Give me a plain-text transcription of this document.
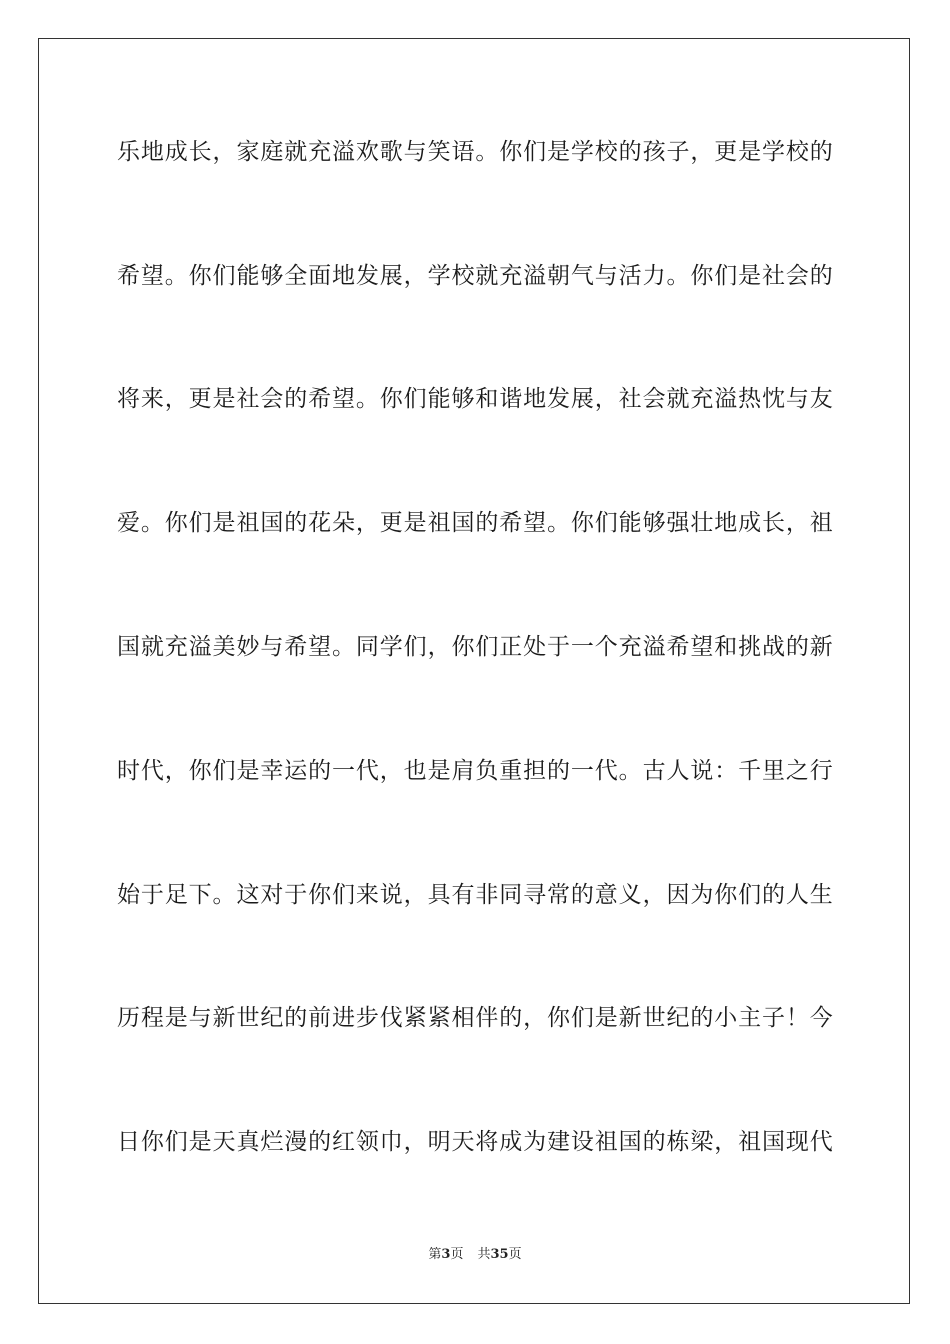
乐地成长，家庭就充溢欢歌与笑语。你们是学校的孩子，更是学校的
希望。你们能够全面地发展，学校就充溢朝气与活力。你们是社会的
将来，更是社会的希望。你们能够和谐地发展，社会就充溢热忱与友
爱。你们是祖国的花朵，更是祖国的希望。你们能够强壮地成长，祖
国就充溢美妙与希望。同学们，你们正处于一个充溢希望和挑战的新
时代，你们是幸运的一代，也是肩负重担的一代。古人说：千里之行
始于足下。这对于你们来说，具有非同寻常的意义，因为你们的人生
历程是与新世纪的前进步伐紧紧相伴的，你们是新世纪的小主子！今
日你们是天真烂漫的红领巾，明天将成为建设祖国的栋梁，祖国现代
第3页 共35页
